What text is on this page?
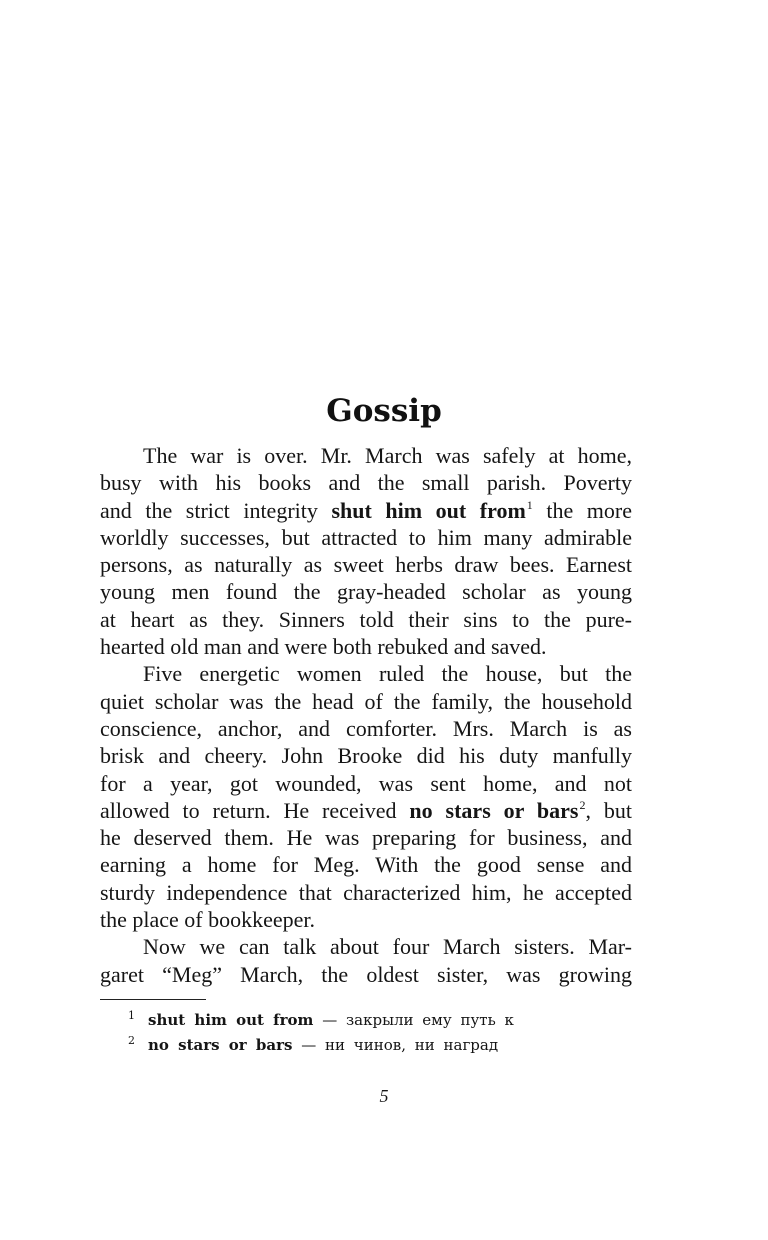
Gossip
The war is over. Mr. March was safely at home,
busy with his books and the small parish. Poverty
and the strict integrity shut him out from$^1$ the more
worldly successes, but attracted to him many admirable
persons, as naturally as sweet herbs draw bees. Earnest
young men found the gray-headed scholar as young
at heart as they. Sinners told their sins to the pure-
hearted old man and were both rebuked and saved.
Five energetic women ruled the house, but the
quiet scholar was the head of the family, the household
conscience, anchor, and comforter. Mrs. March is as
brisk and cheery. John Brooke did his duty manfully
for a year, got wounded, was sent home, and not
allowed to return. He received no stars or bars$^2$, but
he deserved them. He was preparing for business, and
earning a home for Meg. With the good sense and
sturdy independence that characterized him, he accepted
the place of bookkeeper.
Now we can talk about four March sisters. Mar-
garet “Meg” March, the oldest sister, was growing
1 shut him out from — закрыли ему путь к
2 no stars or bars — ни чинов, ни наград
5
